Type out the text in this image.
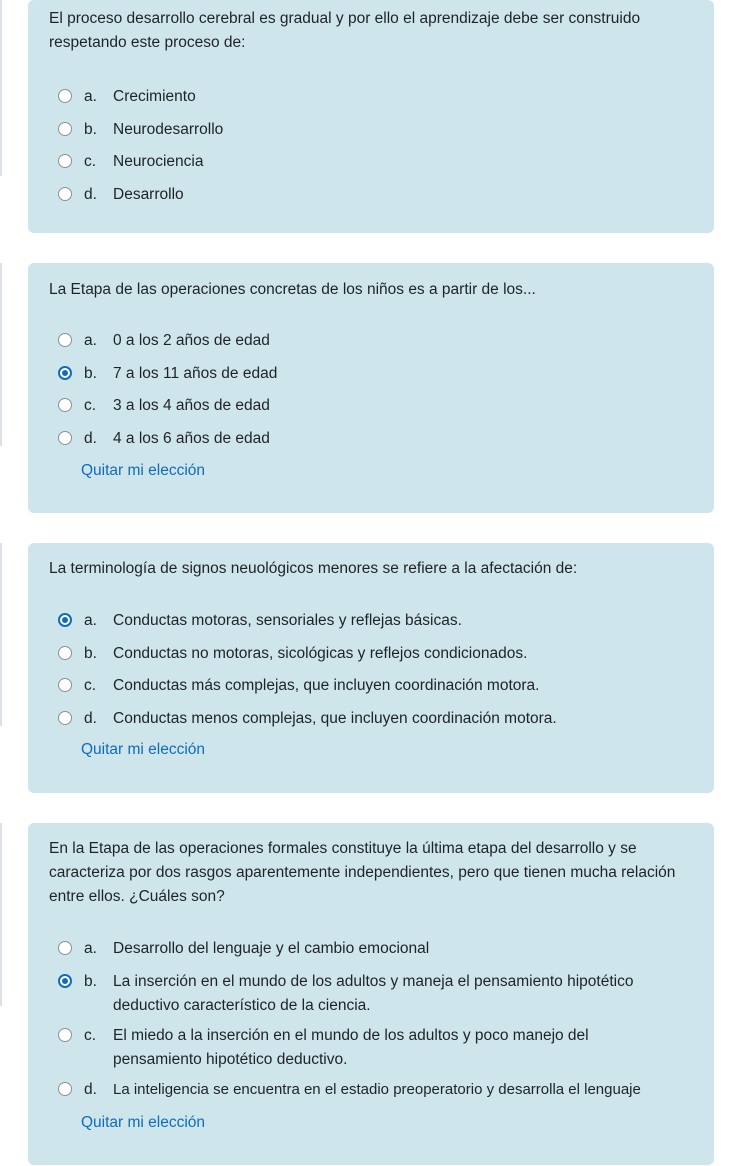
El proceso desarrollo cerebral es gradual y por ello el aprendizaje debe ser construido respetando este proceso de:

a.	Crecimiento
b.	Neurodesarrollo
c.	Neurociencia
d.	Desarrollo

La Etapa de las operaciones concretas de los niños es a partir de los...

a.	0 a los 2 años de edad
b.	7 a los 11 años de edad
c.	3 a los 4 años de edad
d.	4 a los 6 años de edad
Quitar mi elección

La terminología de signos neuológicos menores se refiere a la afectación de:

a.	Conductas motoras, sensoriales y reflejas básicas.
b.	Conductas no motoras, sicológicas y reflejos condicionados.
c.	Conductas más complejas, que incluyen coordinación motora.
d.	Conductas menos complejas, que incluyen coordinación motora.
Quitar mi elección

En la Etapa de las operaciones formales constituye la última etapa del desarrollo y se caracteriza por dos rasgos aparentemente independientes, pero que tienen mucha relación entre ellos. ¿Cuáles son?

a.	Desarrollo del lenguaje y el cambio emocional
b.	La inserción en el mundo de los adultos y maneja el pensamiento hipotético deductivo característico de la ciencia.
c.	El miedo a la inserción en el mundo de los adultos y poco manejo del pensamiento hipotético deductivo.
d.	La inteligencia se encuentra en el estadio preoperatorio y desarrolla el lenguaje
Quitar mi elección
